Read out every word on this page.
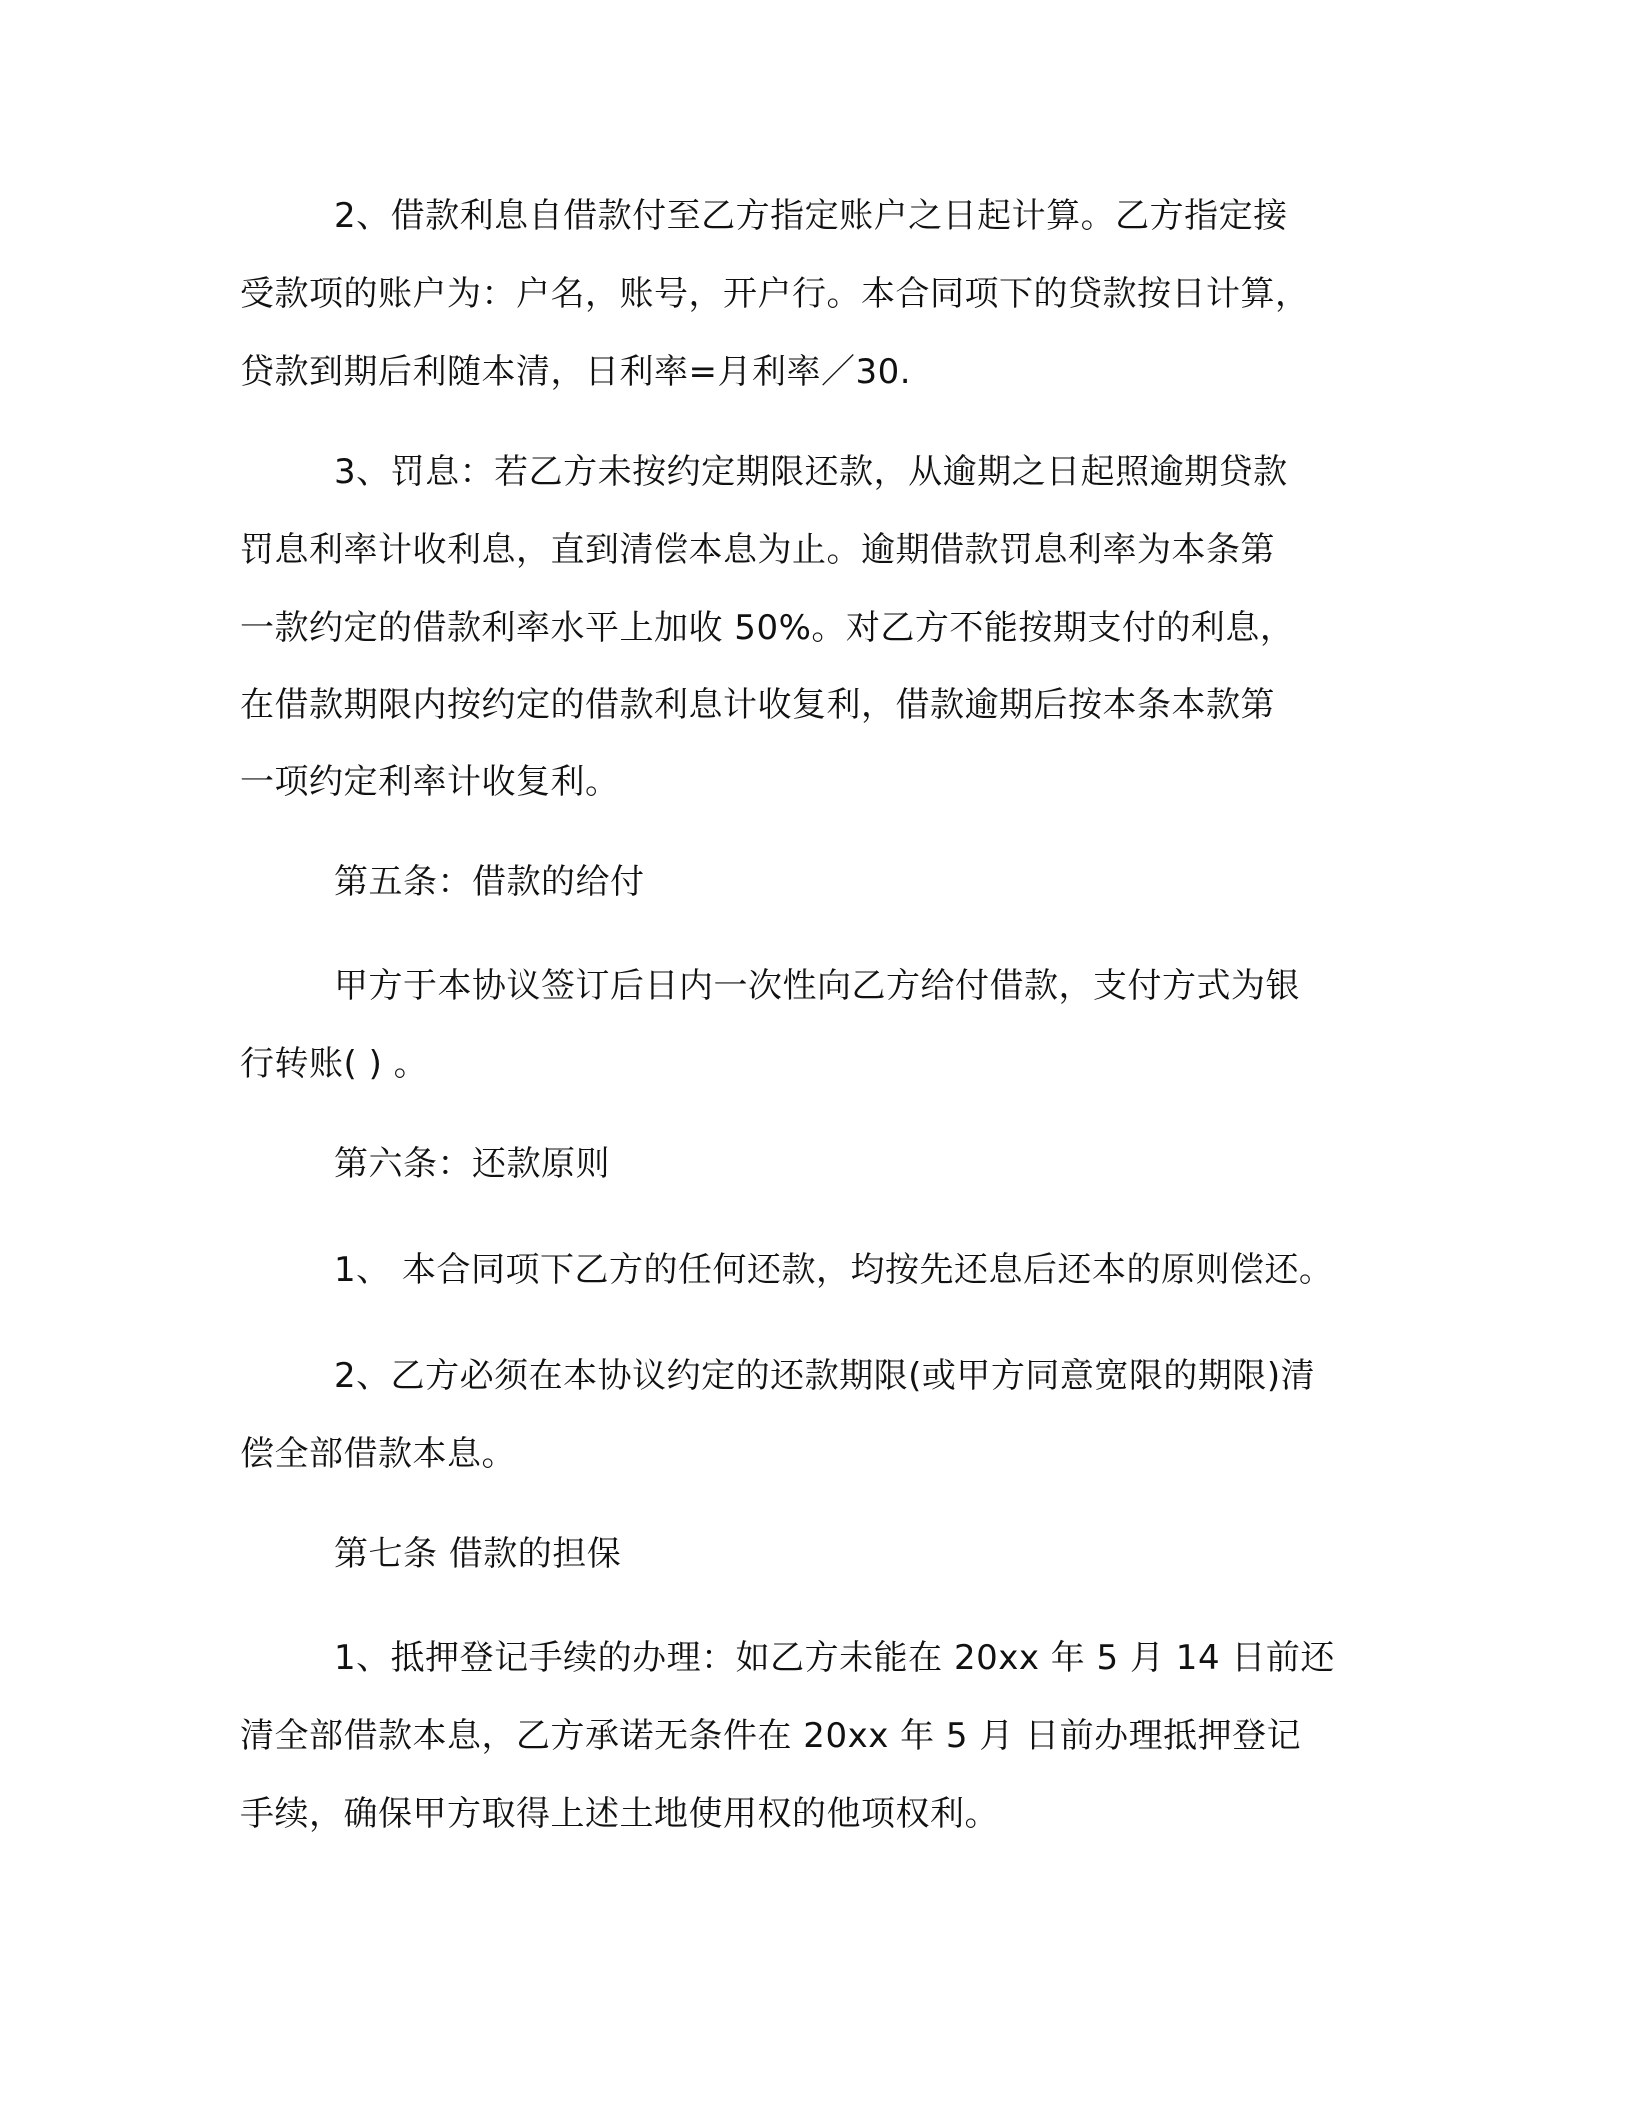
2、借款利息自借款付至乙方指定账户之日起计算。乙方指定接
受款项的账户为：户名，账号，开户行。本合同项下的贷款按日计算，
贷款到期后利随本清，日利率=月利率／30.
3、罚息：若乙方未按约定期限还款，从逾期之日起照逾期贷款
罚息利率计收利息，直到清偿本息为止。逾期借款罚息利率为本条第
一款约定的借款利率水平上加收 50%。对乙方不能按期支付的利息，
在借款期限内按约定的借款利息计收复利，借款逾期后按本条本款第
一项约定利率计收复利。
第五条：借款的给付
甲方于本协议签订后日内一次性向乙方给付借款，支付方式为银
行转账( ) 。
第六条：还款原则
1、 本合同项下乙方的任何还款，均按先还息后还本的原则偿还。
2、乙方必须在本协议约定的还款期限(或甲方同意宽限的期限)清
偿全部借款本息。
第七条 借款的担保
1、抵押登记手续的办理：如乙方未能在 20xx 年 5 月 14 日前还
清全部借款本息，乙方承诺无条件在 20xx 年 5 月 日前办理抵押登记
手续，确保甲方取得上述土地使用权的他项权利。
